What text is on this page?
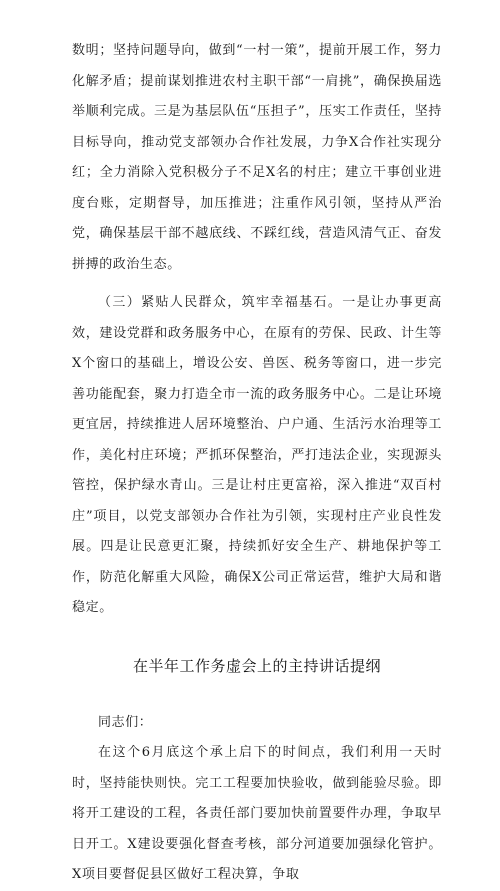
数明；坚持问题导向，做到“一村一策”，提前开展工作，努力化解矛盾；提前谋划推进农村主职干部“一肩挑”，确保换届选举顺利完成。三是为基层队伍“压担子”，压实工作责任，坚持目标导向，推动党支部领办合作社发展，力争X合作社实现分红；全力消除入党积极分子不足X名的村庄；建立干事创业进度台账，定期督导，加压推进；注重作风引领，坚持从严治党，确保基层干部不越底线、不踩红线，营造风清气正、奋发拼搏的政治生态。

（三）紧贴人民群众，筑牢幸福基石。一是让办事更高效，建设党群和政务服务中心，在原有的劳保、民政、计生等X个窗口的基础上，增设公安、兽医、税务等窗口，进一步完善功能配套，聚力打造全市一流的政务服务中心。二是让环境更宜居，持续推进人居环境整治、户户通、生活污水治理等工作，美化村庄环境；严抓环保整治，严打违法企业，实现源头管控，保护绿水青山。三是让村庄更富裕，深入推进“双百村庄”项目，以党支部领办合作社为引领，实现村庄产业良性发展。四是让民意更汇聚，持续抓好安全生产、耕地保护等工作，防范化解重大风险，确保X公司正常运营，维护大局和谐稳定。

在半年工作务虚会上的主持讲话提纲

同志们：

在这个6月底这个承上启下的时间点，我们利用一天时时，坚持能快则快。完工工程要加快验收，做到能验尽验。即将开工建设的工程，各责任部门要加快前置要件办理，争取早日开工。X建设要强化督查考核，部分河道要加强绿化管护。X项目要督促县区做好工程决算，争取
